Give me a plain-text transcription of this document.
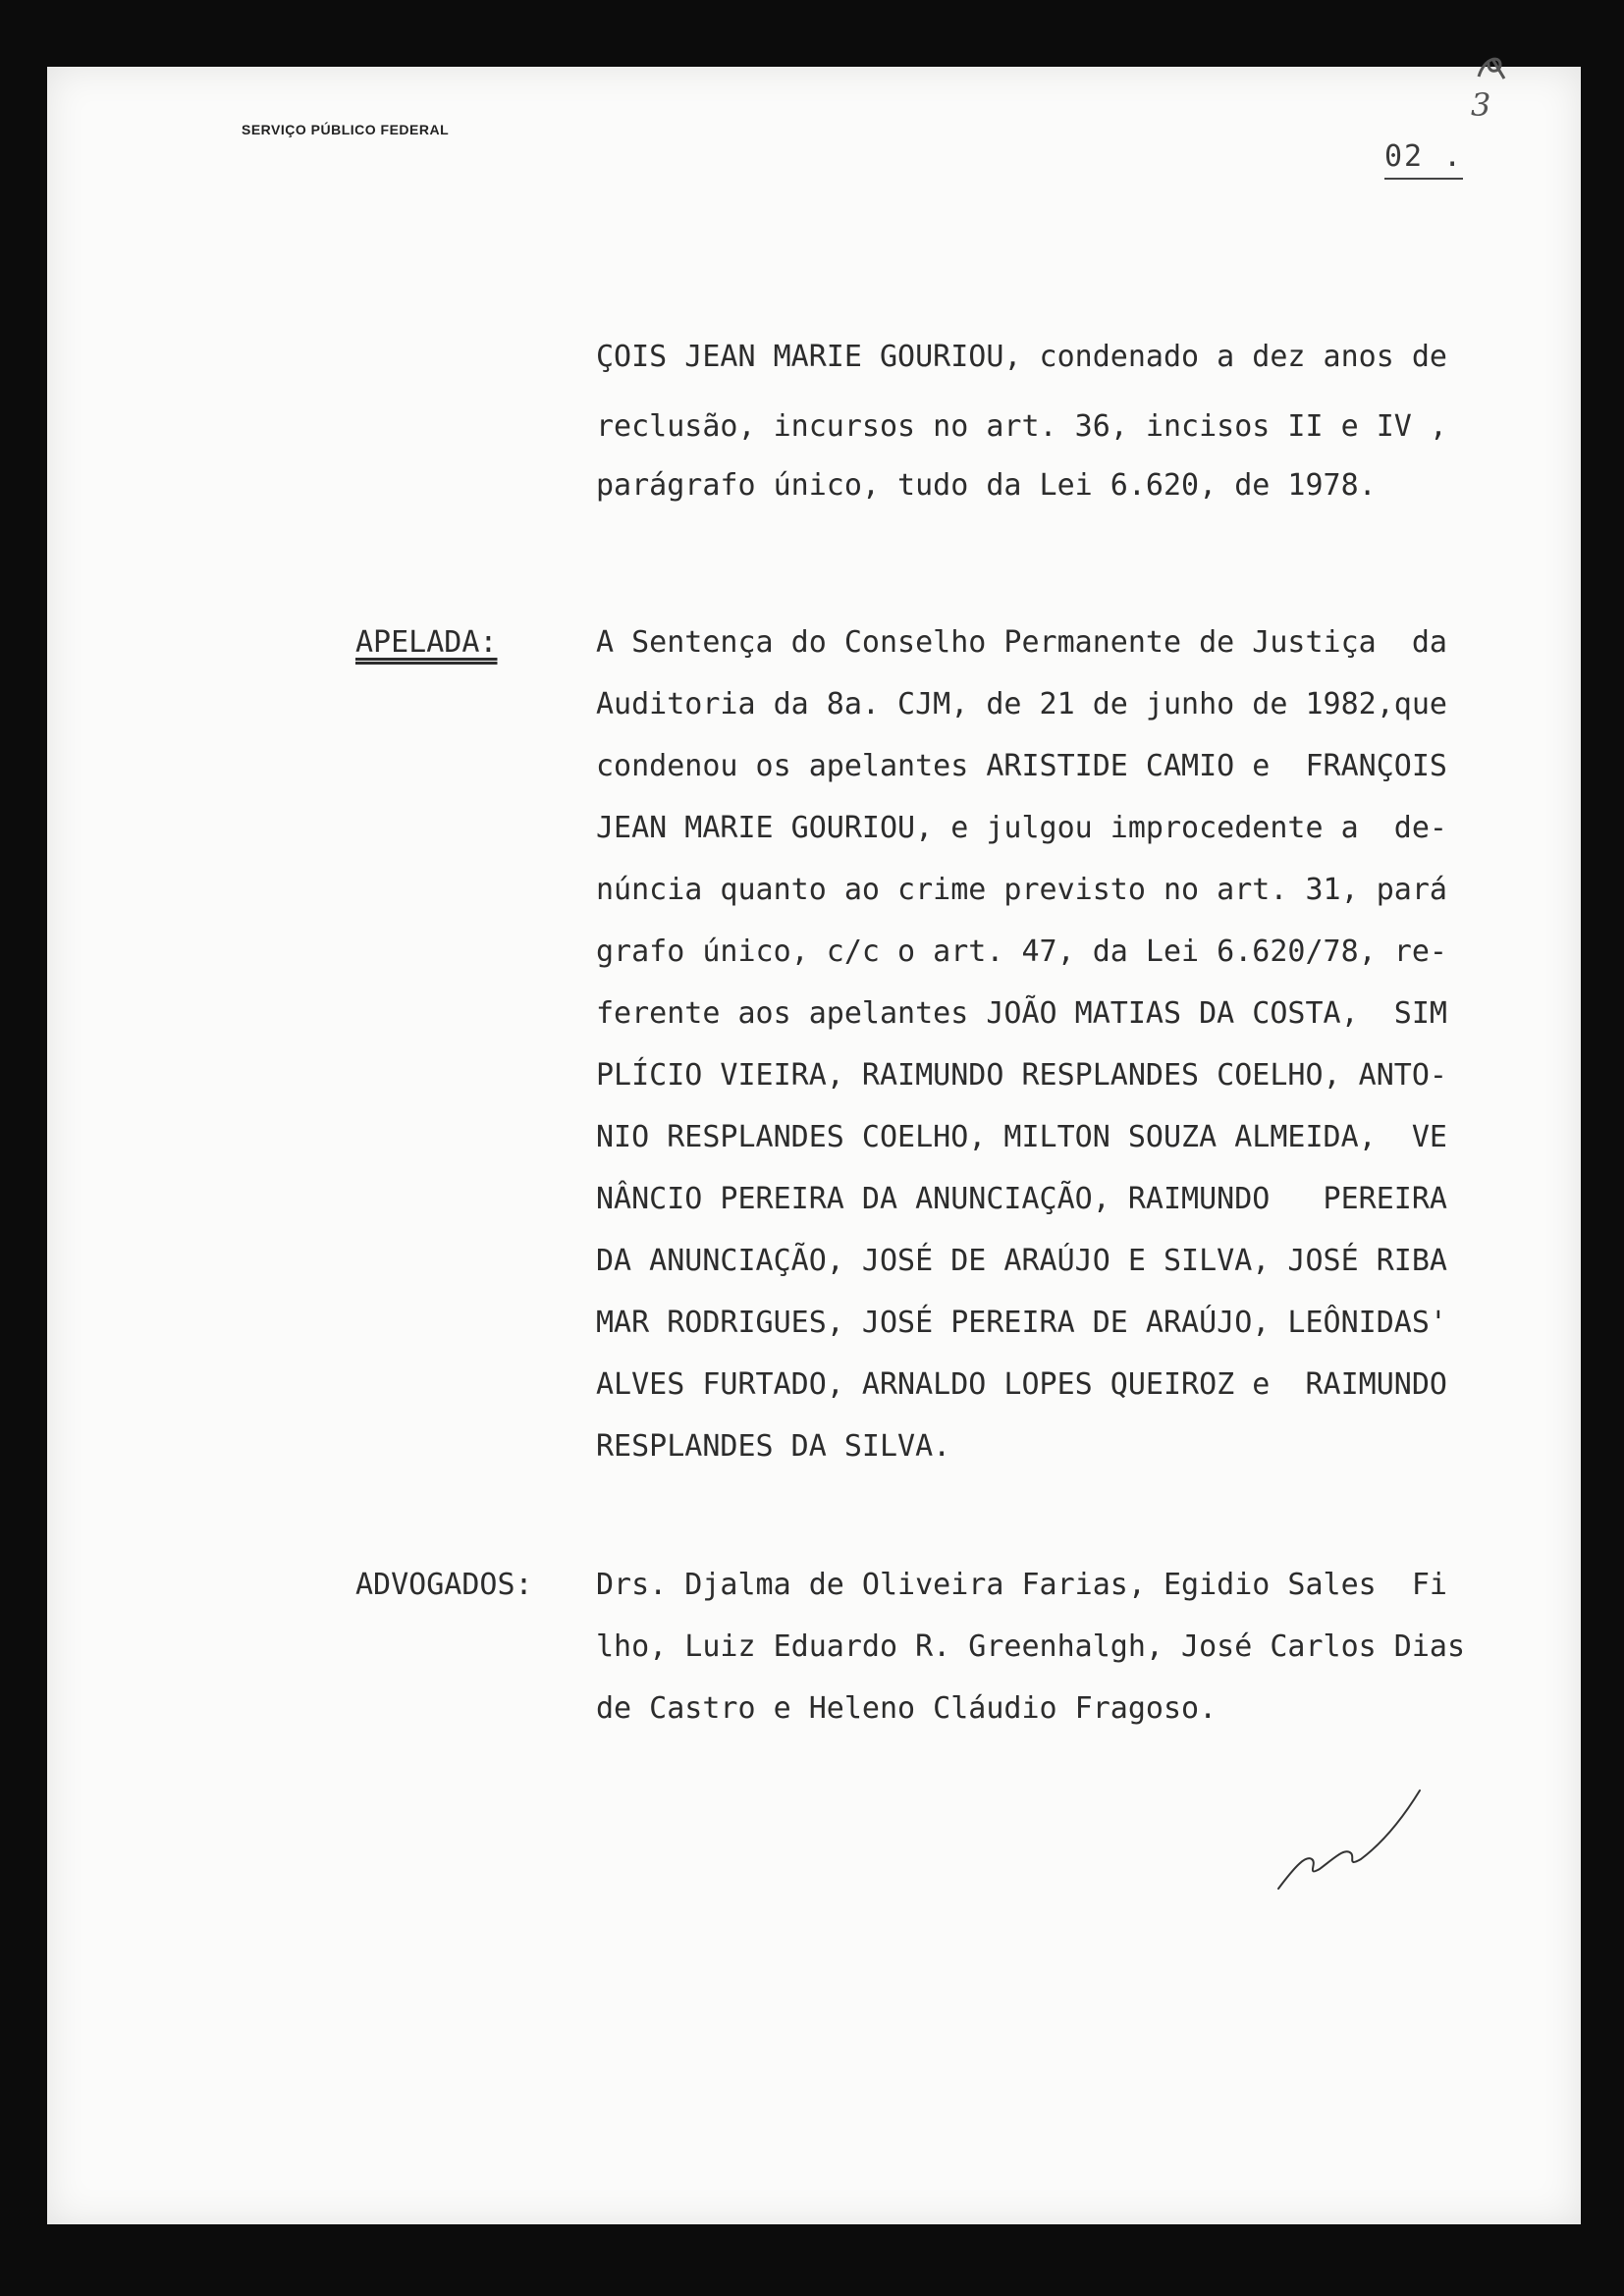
SERVIÇO PÚBLICO FEDERAL
02 .
3
ÇOIS JEAN MARIE GOURIOU, condenado a dez anos de
reclusão, incursos no art. 36, incisos II e IV ,
parágrafo único, tudo da Lei 6.620, de 1978.
APELADA:	A Sentença do Conselho Permanente de Justiça  da
Auditoria da 8a. CJM, de 21 de junho de 1982,que
condenou os apelantes ARISTIDE CAMIO e  FRANÇOIS
JEAN MARIE GOURIOU, e julgou improcedente a  de-
núncia quanto ao crime previsto no art. 31, pará
grafo único, c/c o art. 47, da Lei 6.620/78, re-
ferente aos apelantes JOÃO MATIAS DA COSTA,  SIM
PLÍCIO VIEIRA, RAIMUNDO RESPLANDES COELHO, ANTO-
NIO RESPLANDES COELHO, MILTON SOUZA ALMEIDA,  VE
NÂNCIO PEREIRA DA ANUNCIAÇÃO, RAIMUNDO   PEREIRA
DA ANUNCIAÇÃO, JOSÉ DE ARAÚJO E SILVA, JOSÉ RIBA
MAR RODRIGUES, JOSÉ PEREIRA DE ARAÚJO, LEÔNIDAS'
ALVES FURTADO, ARNALDO LOPES QUEIROZ e  RAIMUNDO
RESPLANDES DA SILVA.
ADVOGADOS: Drs. Djalma de Oliveira Farias, Egidio Sales  Fi
lho, Luiz Eduardo R. Greenhalgh, José Carlos Dias
de Castro e Heleno Cláudio Fragoso.
